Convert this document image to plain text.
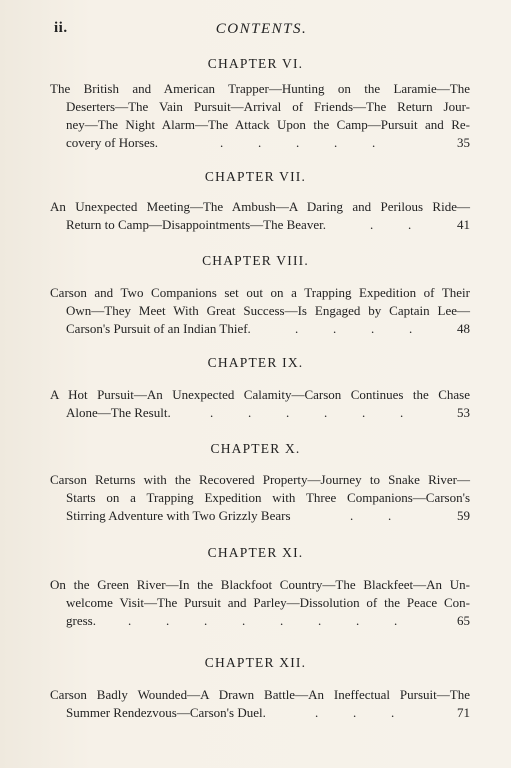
ii.	CONTENTS.
CHAPTER VI.
The British and American Trapper—Hunting on the Laramie—The
Deserters—The Vain Pursuit—Arrival of Friends—The Return Jour-
ney—The Night Alarm—The Attack Upon the Camp—Pursuit and Re-
covery of Horses.	.	.	.	.	.	35
CHAPTER VII.
An Unexpected Meeting—The Ambush—A Daring and Perilous Ride—
Return to Camp—Disappointments—The Beaver.	.	.	41
CHAPTER VIII.
Carson and Two Companions set out on a Trapping Expedition of Their
Own—They Meet With Great Success—Is Engaged by Captain Lee—
Carson's Pursuit of an Indian Thief.	.	.	.	.	48
CHAPTER IX.
A Hot Pursuit—An Unexpected Calamity—Carson Continues the Chase
Alone—The Result.	.	.	.	.	.	.	53
CHAPTER X.
Carson Returns with the Recovered Property—Journey to Snake River—
Starts on a Trapping Expedition with Three Companions—Carson's
Stirring Adventure with Two Grizzly Bears	.	.	59
CHAPTER XI.
On the Green River—In the Blackfoot Country—The Blackfeet—An Un-
welcome Visit—The Pursuit and Parley—Dissolution of the Peace Con-
gress. .	.	.	.	.	.	.	.	65
CHAPTER XII.
Carson Badly Wounded—A Drawn Battle—An Ineffectual Pursuit—The
Summer Rendezvous—Carson's Duel.	.	.	.	71
